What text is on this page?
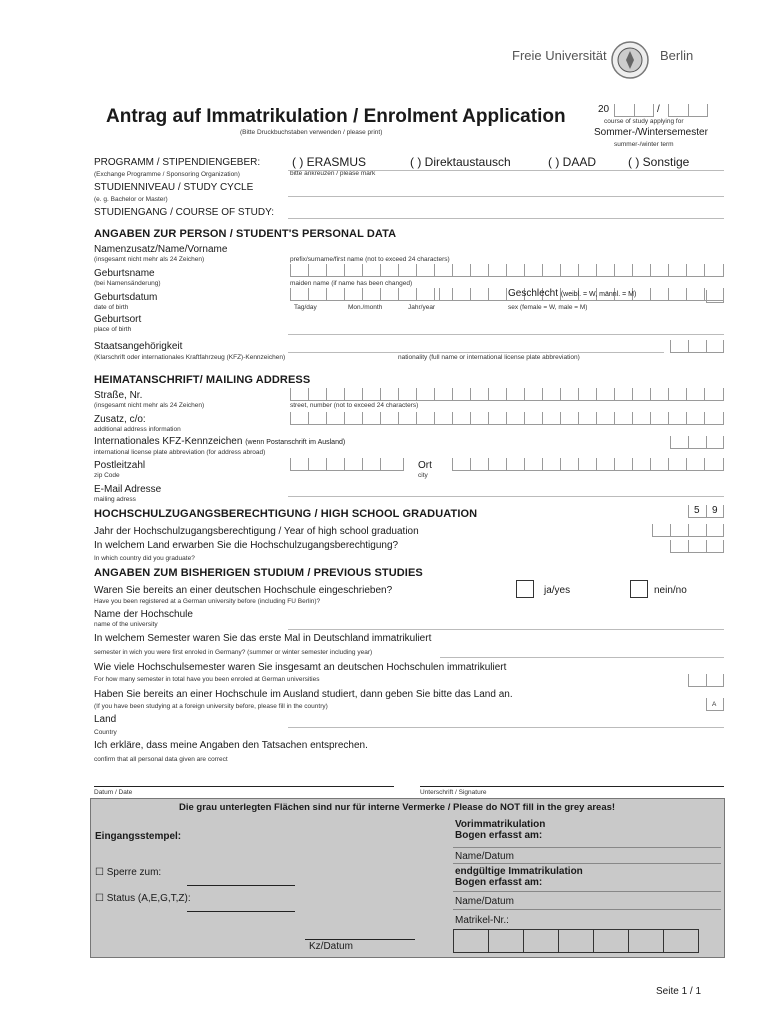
Freie Universität	Berlin
Antrag auf Immatrikulation / Enrolment Application
(Bitte Druckbuchstaben verwenden / please print)
20	/
course of study applying for
Sommer-/Wintersemester
summer-/winter term
PROGRAMM / STIPENDIENGEBER:
(Exchange Programme / Sponsoring Organization)
( ) ERASMUS	( ) Direktaustausch	( ) DAAD	( ) Sonstige
bitte ankreuzen / please mark
STUDIENNIVEAU / STUDY CYCLE
(e. g. Bachelor or Master)
STUDIENGANG / COURSE OF STUDY:
ANGABEN ZUR PERSON / STUDENT'S PERSONAL DATA
Namenzusatz/Name/Vorname
(insgesamt nicht mehr als 24 Zeichen)	prefix/surname/first name (not to exceed 24 characters)
Geburtsname
(bei Namensänderung)	maiden name (if name has been changed)
Geburtsdatum
date of birth	Tag/day	Mon./month	Jahr/year
Geschlecht (weibl. = W, männl. = M)
sex (female = W, male = M)
Geburtsort
place of birth
Staatsangehörigkeit
(Klarschrift oder internationales Kraftfahrzeug (KFZ)-Kennzeichen)	nationality (full name or international license plate abbreviation)
HEIMATANSCHRIFT/ MAILING ADDRESS
Straße, Nr.
(insgesamt nicht mehr als 24 Zeichen)	street, number (not to exceed 24 characters)
Zusatz, c/o:
additional address information
Internationales KFZ-Kennzeichen (wenn Postanschrift im Ausland)
international license plate abbreviation (for address abroad)
Postleitzahl
zip Code
Ort
city
E-Mail Adresse
mailing adress
HOCHSCHULZUGANGSBERECHTIGUNG / HIGH SCHOOL GRADUATION	5 9
Jahr der Hochschulzugangsberechtigung / Year of high school graduation
In welchem Land erwarben Sie die Hochschulzugangsberechtigung?
In which country did you graduate?
ANGABEN ZUM BISHERIGEN STUDIUM / PREVIOUS STUDIES
Waren Sie bereits an einer deutschen Hochschule eingeschrieben?
Have you been registered at a German university before (including FU Berlin)?
ja/yes	nein/no
Name der Hochschule
name of the university
In welchem Semester waren Sie das erste Mal in Deutschland immatrikuliert
semester in wich you were first enroled in Germany? (summer or winter semester including year)
Wie viele Hochschulsemester waren Sie insgesamt an deutschen Hochschulen immatrikuliert
For how many semester in total have you been enroled at German universities
Haben Sie bereits an einer Hochschule im Ausland studiert, dann geben Sie bitte das Land an.
(If you have been studying at a foreign university before, please fill in the country)	A
Land
Country
Ich erkläre, dass meine Angaben den Tatsachen entsprechen.
confirm that all personal data given are correct
Datum / Date	Unterschrift / Signature
Die grau unterlegten Flächen sind nur für interne Vermerke / Please do NOT fill in the grey areas!
Eingangsstempel:
Vorimmatrikulation
Bogen erfasst am:
Name/Datum
☐ Sperre zum:	endgültige Immatrikulation
Bogen erfasst am:
☐ Status (A,E,G,T,Z):	Name/Datum
Matrikel-Nr.:
Kz/Datum
Seite 1 / 1
